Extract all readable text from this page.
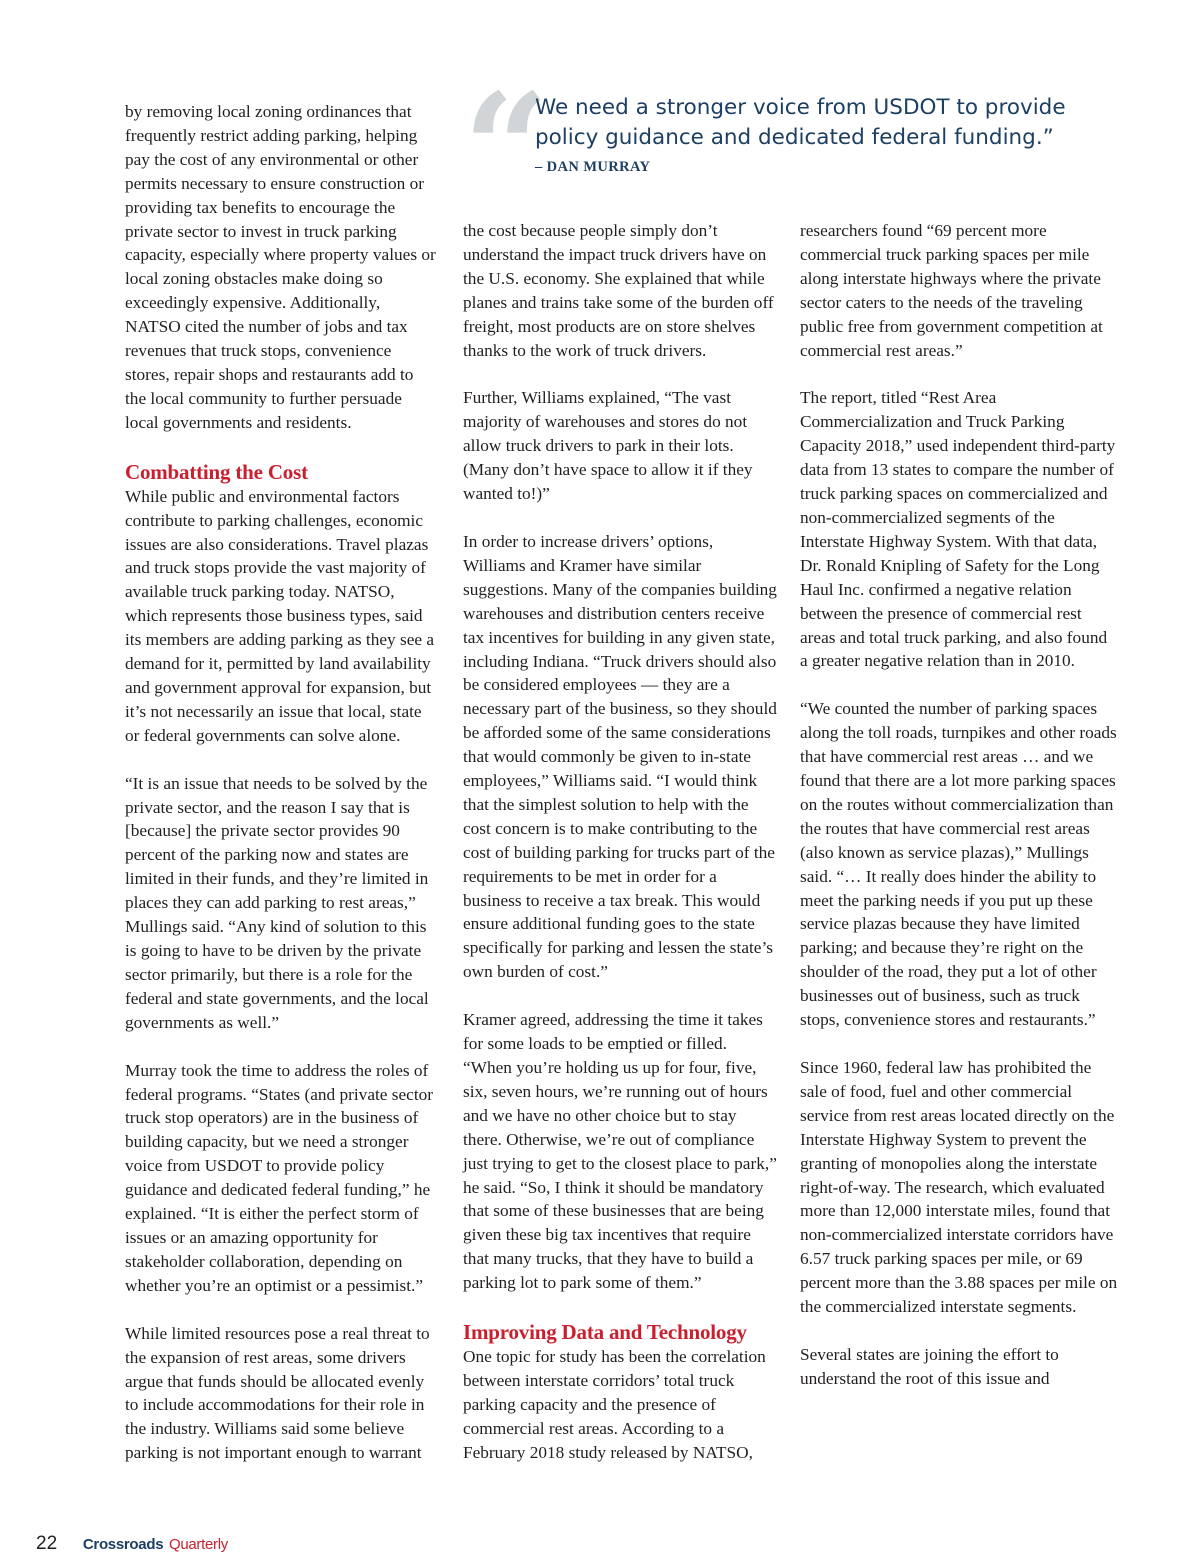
“
We need a stronger voice from USDOT to provide policy guidance and dedicated federal funding.”
– DAN MURRAY

by removing local zoning ordinances that frequently restrict adding parking, helping pay the cost of any environmental or other permits necessary to ensure construction or providing tax benefits to encourage the private sector to invest in truck parking capacity, especially where property values or local zoning obstacles make doing so exceedingly expensive. Additionally, NATSO cited the number of jobs and tax revenues that truck stops, convenience stores, repair shops and restaurants add to the local community to further persuade local governments and residents.

Combatting the Cost

While public and environmental factors contribute to parking challenges, economic issues are also considerations. Travel plazas and truck stops provide the vast majority of available truck parking today. NATSO, which represents those business types, said its members are adding parking as they see a demand for it, permitted by land availability and government approval for expansion, but it’s not necessarily an issue that local, state or federal governments can solve alone.

“It is an issue that needs to be solved by the private sector, and the reason I say that is [because] the private sector provides 90 percent of the parking now and states are limited in their funds, and they’re limited in places they can add parking to rest areas,” Mullings said. “Any kind of solution to this is going to have to be driven by the private sector primarily, but there is a role for the federal and state governments, and the local governments as well.”

Murray took the time to address the roles of federal programs. “States (and private sector truck stop operators) are in the business of building capacity, but we need a stronger voice from USDOT to provide policy guidance and dedicated federal funding,” he explained. “It is either the perfect storm of issues or an amazing opportunity for stakeholder collaboration, depending on whether you’re an optimist or a pessimist.”

While limited resources pose a real threat to the expansion of rest areas, some drivers argue that funds should be allocated evenly to include accommodations for their role in the industry. Williams said some believe parking is not important enough to warrant

the cost because people simply don’t understand the impact truck drivers have on the U.S. economy. She explained that while planes and trains take some of the burden off freight, most products are on store shelves thanks to the work of truck drivers.

Further, Williams explained, “The vast majority of warehouses and stores do not allow truck drivers to park in their lots. (Many don’t have space to allow it if they wanted to!)”

In order to increase drivers’ options, Williams and Kramer have similar suggestions. Many of the companies building warehouses and distribution centers receive tax incentives for building in any given state, including Indiana. “Truck drivers should also be considered employees — they are a necessary part of the business, so they should be afforded some of the same considerations that would commonly be given to in-state employees,” Williams said. “I would think that the simplest solution to help with the cost concern is to make contributing to the cost of building parking for trucks part of the requirements to be met in order for a business to receive a tax break. This would ensure additional funding goes to the state specifically for parking and lessen the state’s own burden of cost.”

Kramer agreed, addressing the time it takes for some loads to be emptied or filled. “When you’re holding us up for four, five, six, seven hours, we’re running out of hours and we have no other choice but to stay there. Otherwise, we’re out of compliance just trying to get to the closest place to park,” he said. “So, I think it should be mandatory that some of these businesses that are being given these big tax incentives that require that many trucks, that they have to build a parking lot to park some of them.”

Improving Data and Technology

One topic for study has been the correlation between interstate corridors’ total truck parking capacity and the presence of commercial rest areas. According to a February 2018 study released by NATSO,

researchers found “69 percent more commercial truck parking spaces per mile along interstate highways where the private sector caters to the needs of the traveling public free from government competition at commercial rest areas.”

The report, titled “Rest Area Commercialization and Truck Parking Capacity 2018,” used independent third-party data from 13 states to compare the number of truck parking spaces on commercialized and non-commercialized segments of the Interstate Highway System. With that data, Dr. Ronald Knipling of Safety for the Long Haul Inc. confirmed a negative relation between the presence of commercial rest areas and total truck parking, and also found a greater negative relation than in 2010.

“We counted the number of parking spaces along the toll roads, turnpikes and other roads that have commercial rest areas … and we found that there are a lot more parking spaces on the routes without commercialization than the routes that have commercial rest areas (also known as service plazas),” Mullings said. “… It really does hinder the ability to meet the parking needs if you put up these service plazas because they have limited parking; and because they’re right on the shoulder of the road, they put a lot of other businesses out of business, such as truck stops, convenience stores and restaurants.”

Since 1960, federal law has prohibited the sale of food, fuel and other commercial service from rest areas located directly on the Interstate Highway System to prevent the granting of monopolies along the interstate right-of-way. The research, which evaluated more than 12,000 interstate miles, found that non-commercialized interstate corridors have 6.57 truck parking spaces per mile, or 69 percent more than the 3.88 spaces per mile on the commercialized interstate segments.

Several states are joining the effort to understand the root of this issue and

22 Crossroads Quarterly
